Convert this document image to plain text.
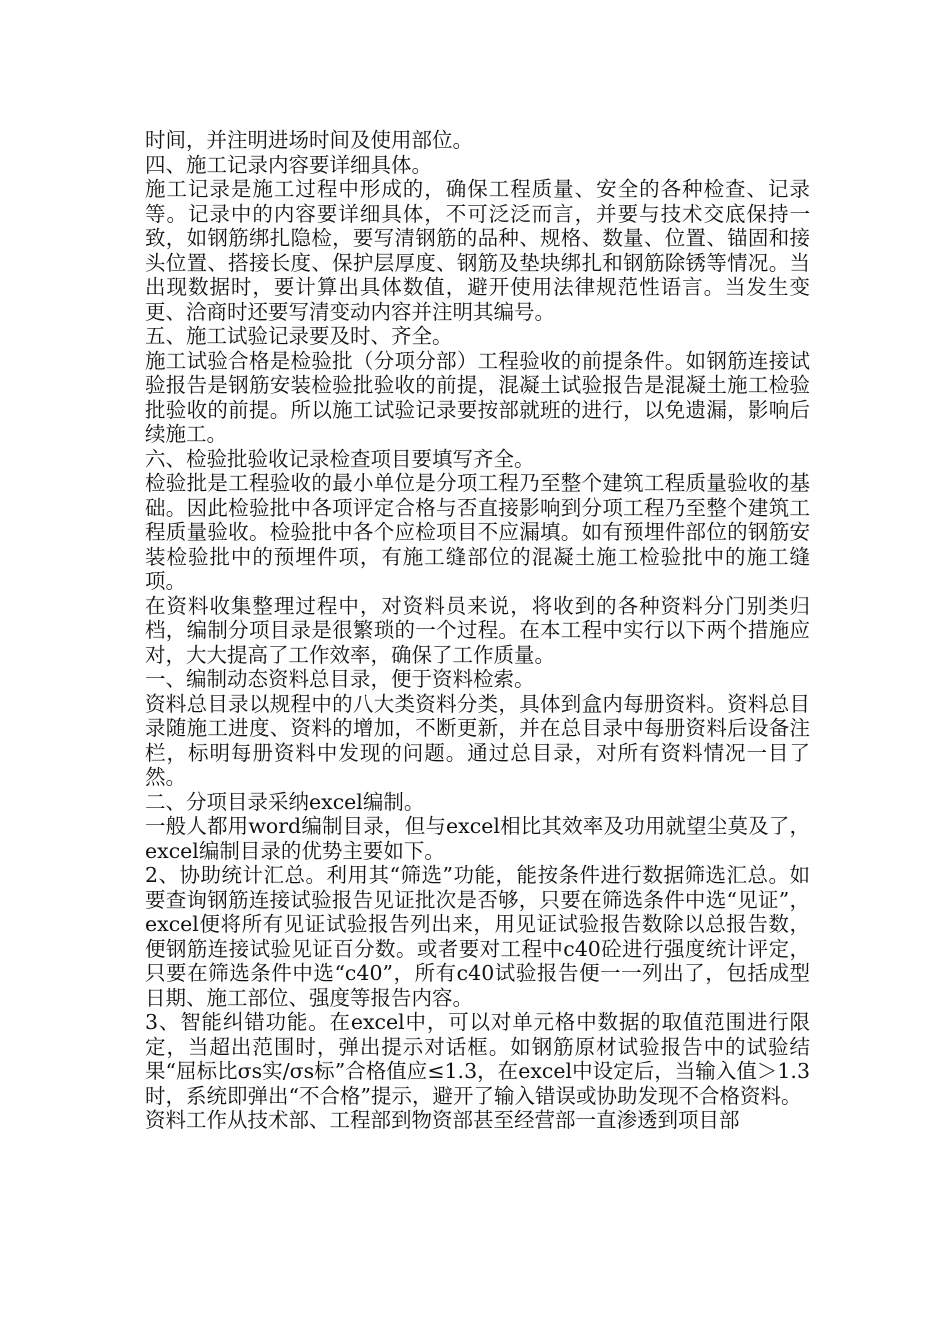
时间，并注明进场时间及使用部位。

四、施工记录内容要详细具体。

施工记录是施工过程中形成的，确保工程质量、安全的各种检查、记录等。记录中的内容要详细具体，不可泛泛而言，并要与技术交底保持一致，如钢筋绑扎隐检，要写清钢筋的品种、规格、数量、位置、锚固和接头位置、搭接长度、保护层厚度、钢筋及垫块绑扎和钢筋除锈等情况。当出现数据时，要计算出具体数值，避开使用法律规范性语言。当发生变更、洽商时还要写清变动内容并注明其编号。

五、施工试验记录要及时、齐全。

施工试验合格是检验批（分项分部）工程验收的前提条件。如钢筋连接试验报告是钢筋安装检验批验收的前提，混凝土试验报告是混凝土施工检验批验收的前提。所以施工试验记录要按部就班的进行，以免遗漏，影响后续施工。

六、检验批验收记录检查项目要填写齐全。

检验批是工程验收的最小单位是分项工程乃至整个建筑工程质量验收的基础。因此检验批中各项评定合格与否直接影响到分项工程乃至整个建筑工程质量验收。检验批中各个应检项目不应漏填。如有预埋件部位的钢筋安装检验批中的预埋件项，有施工缝部位的混凝土施工检验批中的施工缝项。

在资料收集整理过程中，对资料员来说，将收到的各种资料分门别类归档，编制分项目录是很繁琐的一个过程。在本工程中实行以下两个措施应对，大大提高了工作效率，确保了工作质量。

一、编制动态资料总目录，便于资料检索。

资料总目录以规程中的八大类资料分类，具体到盒内每册资料。资料总目录随施工进度、资料的增加，不断更新，并在总目录中每册资料后设备注栏，标明每册资料中发现的问题。通过总目录，对所有资料情况一目了然。

二、分项目录采纳excel编制。

一般人都用word编制目录，但与excel相比其效率及功用就望尘莫及了，excel编制目录的优势主要如下。

2、协助统计汇总。利用其“筛选”功能，能按条件进行数据筛选汇总。如要查询钢筋连接试验报告见证批次是否够，只要在筛选条件中选“见证”，excel便将所有见证试验报告列出来，用见证试验报告数除以总报告数，便钢筋连接试验见证百分数。或者要对工程中c40砼进行强度统计评定，只要在筛选条件中选“c40”，所有c40试验报告便一一列出了，包括成型日期、施工部位、强度等报告内容。

3、智能纠错功能。在excel中，可以对单元格中数据的取值范围进行限定，当超出范围时，弹出提示对话框。如钢筋原材试验报告中的试验结果“屈标比σs实/σs标”合格值应≤1.3，在excel中设定后，当输入值＞1.3时，系统即弹出“不合格”提示，避开了输入错误或协助发现不合格资料。

资料工作从技术部、工程部到物资部甚至经营部一直渗透到项目部
